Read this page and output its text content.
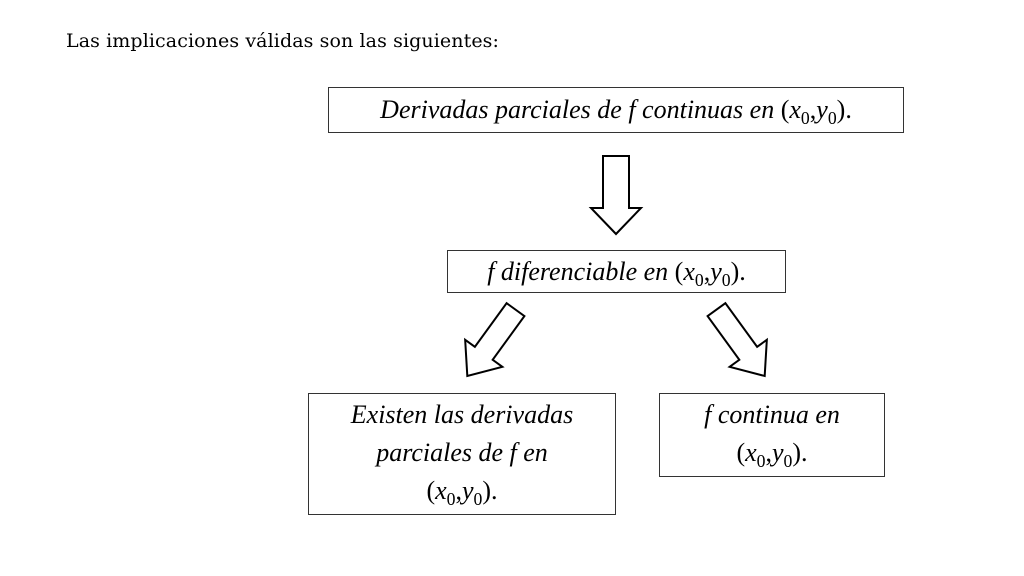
Las implicaciones válidas son las siguientes:
Derivadas parciales de f continuas en $(x_0,y_0)$.
f diferenciable en $(x_0,y_0)$.
Existen las derivadas
parciales de f en
$(x_0,y_0)$.
f continua en
$(x_0,y_0)$.
